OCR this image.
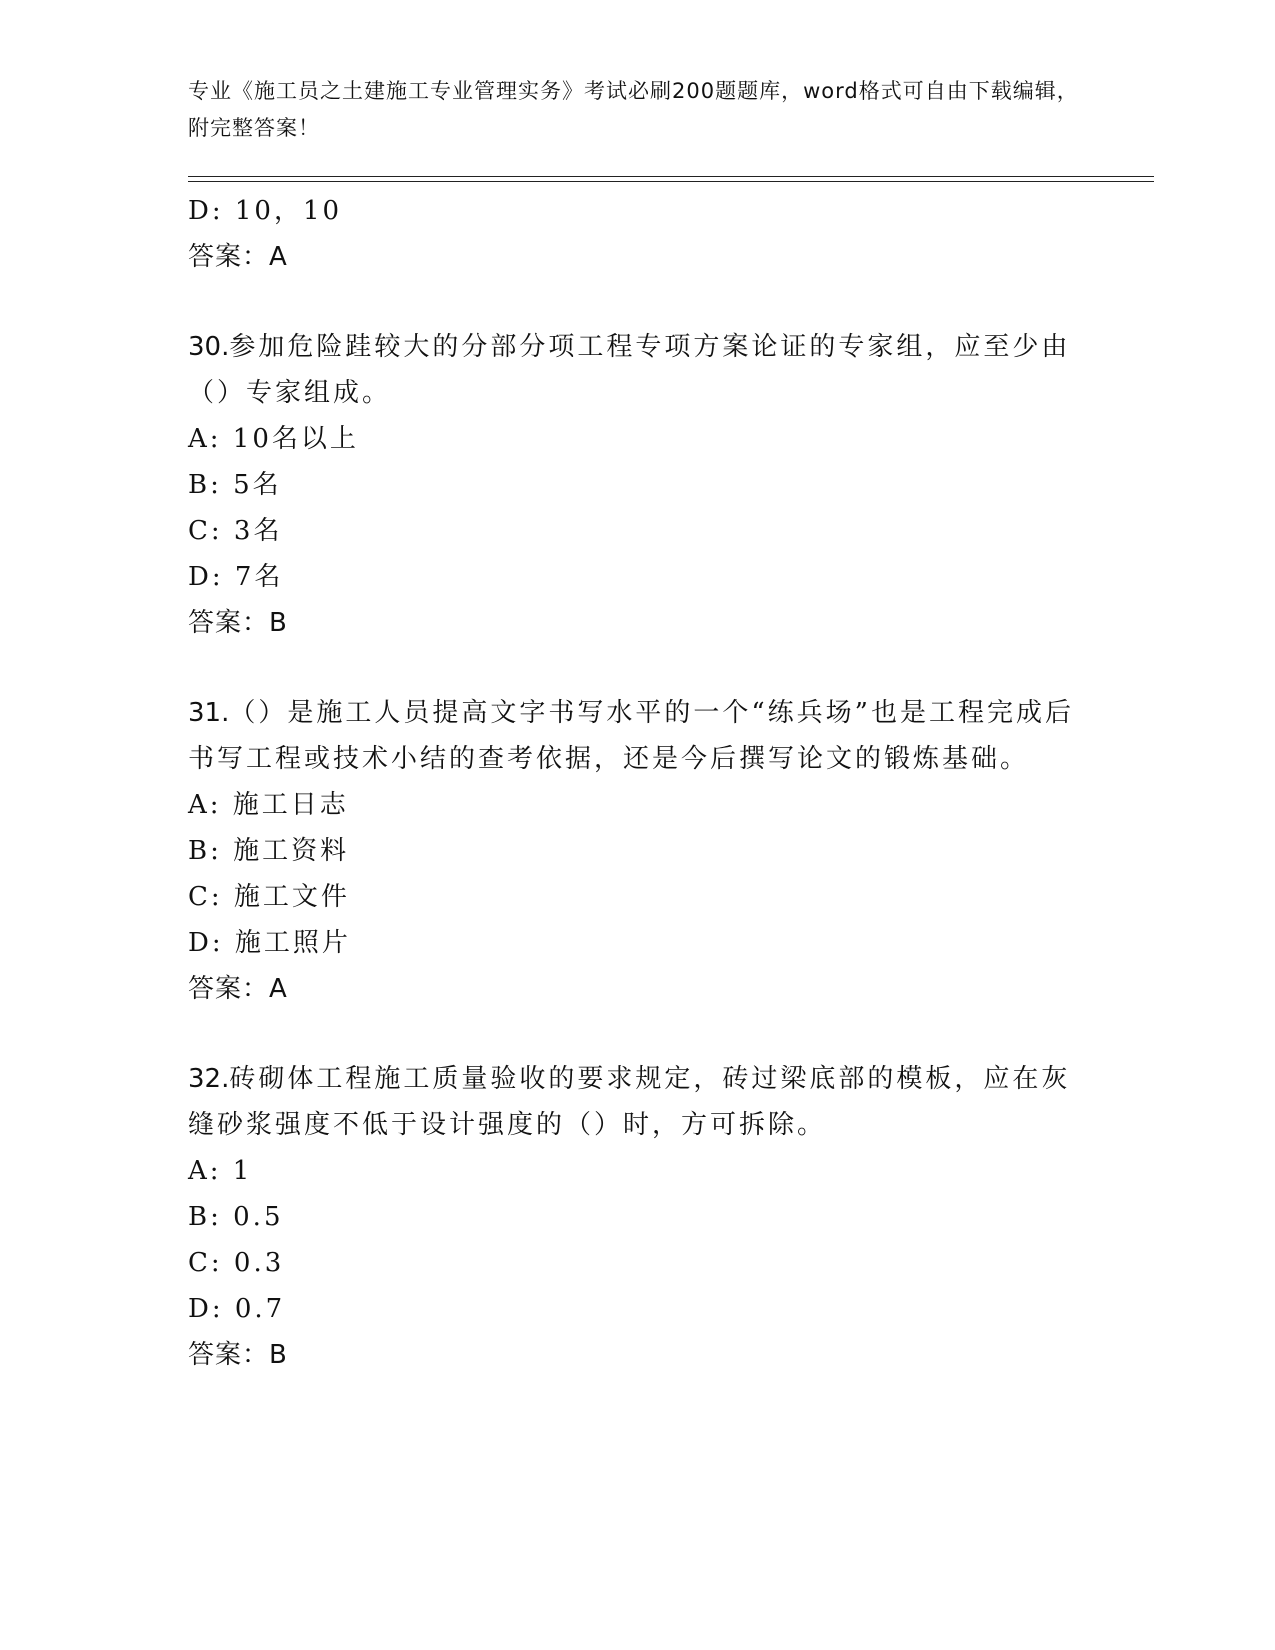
专业《施工员之土建施工专业管理实务》考试必刷200题题库，word格式可自由下载编辑，附完整答案！
D: 10，10
答案：A
30.参加危险跬较大的分部分项工程专项方案论证的专家组，应至少由（）专家组成。
A: 10名以上
B: 5名
C: 3名
D: 7名
答案：B
31.（）是施工人员提高文字书写水平的一个“练兵场”也是工程完成后书写工程或技术小结的查考依据，还是今后撰写论文的锻炼基础。
A: 施工日志
B: 施工资料
C: 施工文件
D: 施工照片
答案：A
32.砖砌体工程施工质量验收的要求规定，砖过梁底部的模板，应在灰缝砂浆强度不低于设计强度的（）时，方可拆除。
A: 1
B: 0.5
C: 0.3
D: 0.7
答案：B
